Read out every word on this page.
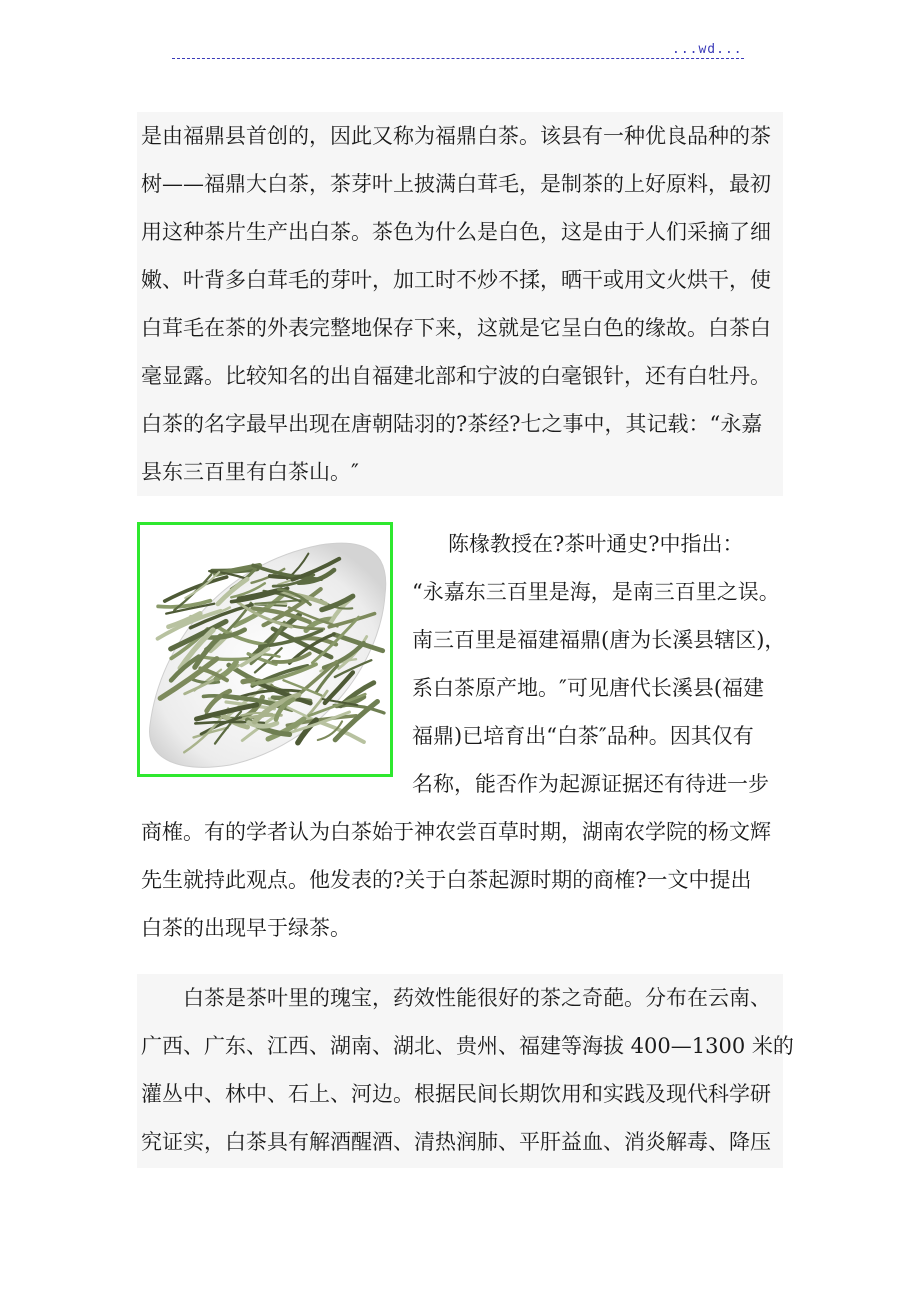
...wd...
是由福鼎县首创的，因此又称为福鼎白茶。该县有一种优良品种的茶
树——福鼎大白茶，茶芽叶上披满白茸毛，是制茶的上好原料，最初
用这种茶片生产出白茶。茶色为什么是白色，这是由于人们采摘了细
嫩、叶背多白茸毛的芽叶，加工时不炒不揉，晒干或用文火烘干，使
白茸毛在茶的外表完整地保存下来，这就是它呈白色的缘故。白茶白
毫显露。比较知名的出自福建北部和宁波的白毫银针，还有白牡丹。
白茶的名字最早出现在唐朝陆羽的?茶经?七之事中，其记载：“永嘉
县东三百里有白茶山。″
陈椽教授在?茶叶通史?中指出：
“永嘉东三百里是海，是南三百里之误。
南三百里是福建福鼎(唐为长溪县辖区)，
系白茶原产地。″可见唐代长溪县(福建
福鼎)已培育出“白茶″品种。因其仅有
名称，能否作为起源证据还有待进一步
商榷。有的学者认为白茶始于神农尝百草时期，湖南农学院的杨文辉
先生就持此观点。他发表的?关于白茶起源时期的商榷?一文中提出
白茶的出现早于绿茶。
白茶是茶叶里的瑰宝，药效性能很好的茶之奇葩。分布在云南、
广西、广东、江西、湖南、湖北、贵州、福建等海拔 400—1300 米的
灌丛中、林中、石上、河边。根据民间长期饮用和实践及现代科学研
究证实，白茶具有解酒醒酒、清热润肺、平肝益血、消炎解毒、降压
